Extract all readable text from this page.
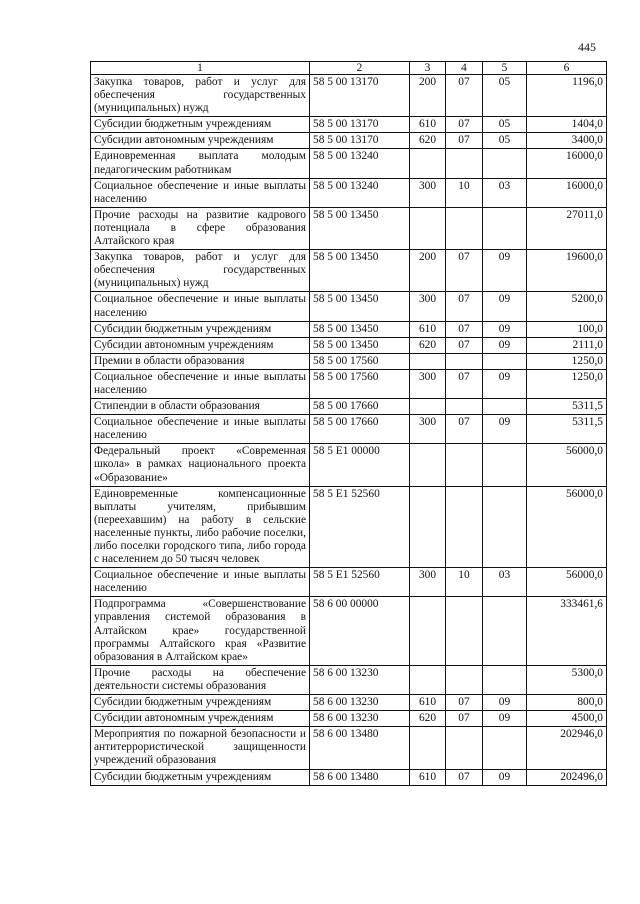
445
1	2	3	4	5	6
Закупка товаров, работ и услуг для обеспечения государственных (муниципальных) нужд	58 5 00 13170	200	07	05	1196,0
Субсидии бюджетным учреждениям	58 5 00 13170	610	07	05	1404,0
Субсидии автономным учреждениям	58 5 00 13170	620	07	05	3400,0
Единовременная выплата молодым педагогическим работникам	58 5 00 13240				16000,0
Социальное обеспечение и иные выплаты населению	58 5 00 13240	300	10	03	16000,0
Прочие расходы на развитие кадрового потенциала в сфере образования Алтайского края	58 5 00 13450				27011,0
Закупка товаров, работ и услуг для обеспечения государственных (муниципальных) нужд	58 5 00 13450	200	07	09	19600,0
Социальное обеспечение и иные выплаты населению	58 5 00 13450	300	07	09	5200,0
Субсидии бюджетным учреждениям	58 5 00 13450	610	07	09	100,0
Субсидии автономным учреждениям	58 5 00 13450	620	07	09	2111,0
Премии в области образования	58 5 00 17560				1250,0
Социальное обеспечение и иные выплаты населению	58 5 00 17560	300	07	09	1250,0
Стипендии в области образования	58 5 00 17660				5311,5
Социальное обеспечение и иные выплаты населению	58 5 00 17660	300	07	09	5311,5
Федеральный проект «Современная школа» в рамках национального проекта «Образование»	58 5 E1 00000				56000,0
Единовременные компенсационные выплаты учителям, прибывшим (переехавшим) на работу в сельские населенные пункты, либо рабочие поселки, либо поселки городского типа, либо города с населением до 50 тысяч человек	58 5 E1 52560				56000,0
Социальное обеспечение и иные выплаты населению	58 5 E1 52560	300	10	03	56000,0
Подпрограмма «Совершенствование управления системой образования в Алтайском крае» государственной программы Алтайского края «Развитие образования в Алтайском крае»	58 6 00 00000				333461,6
Прочие расходы на обеспечение деятельности системы образования	58 6 00 13230				5300,0
Субсидии бюджетным учреждениям	58 6 00 13230	610	07	09	800,0
Субсидии автономным учреждениям	58 6 00 13230	620	07	09	4500,0
Мероприятия по пожарной безопасности и антитеррористической защищенности учреждений образования	58 6 00 13480				202946,0
Субсидии бюджетным учреждениям	58 6 00 13480	610	07	09	202496,0
